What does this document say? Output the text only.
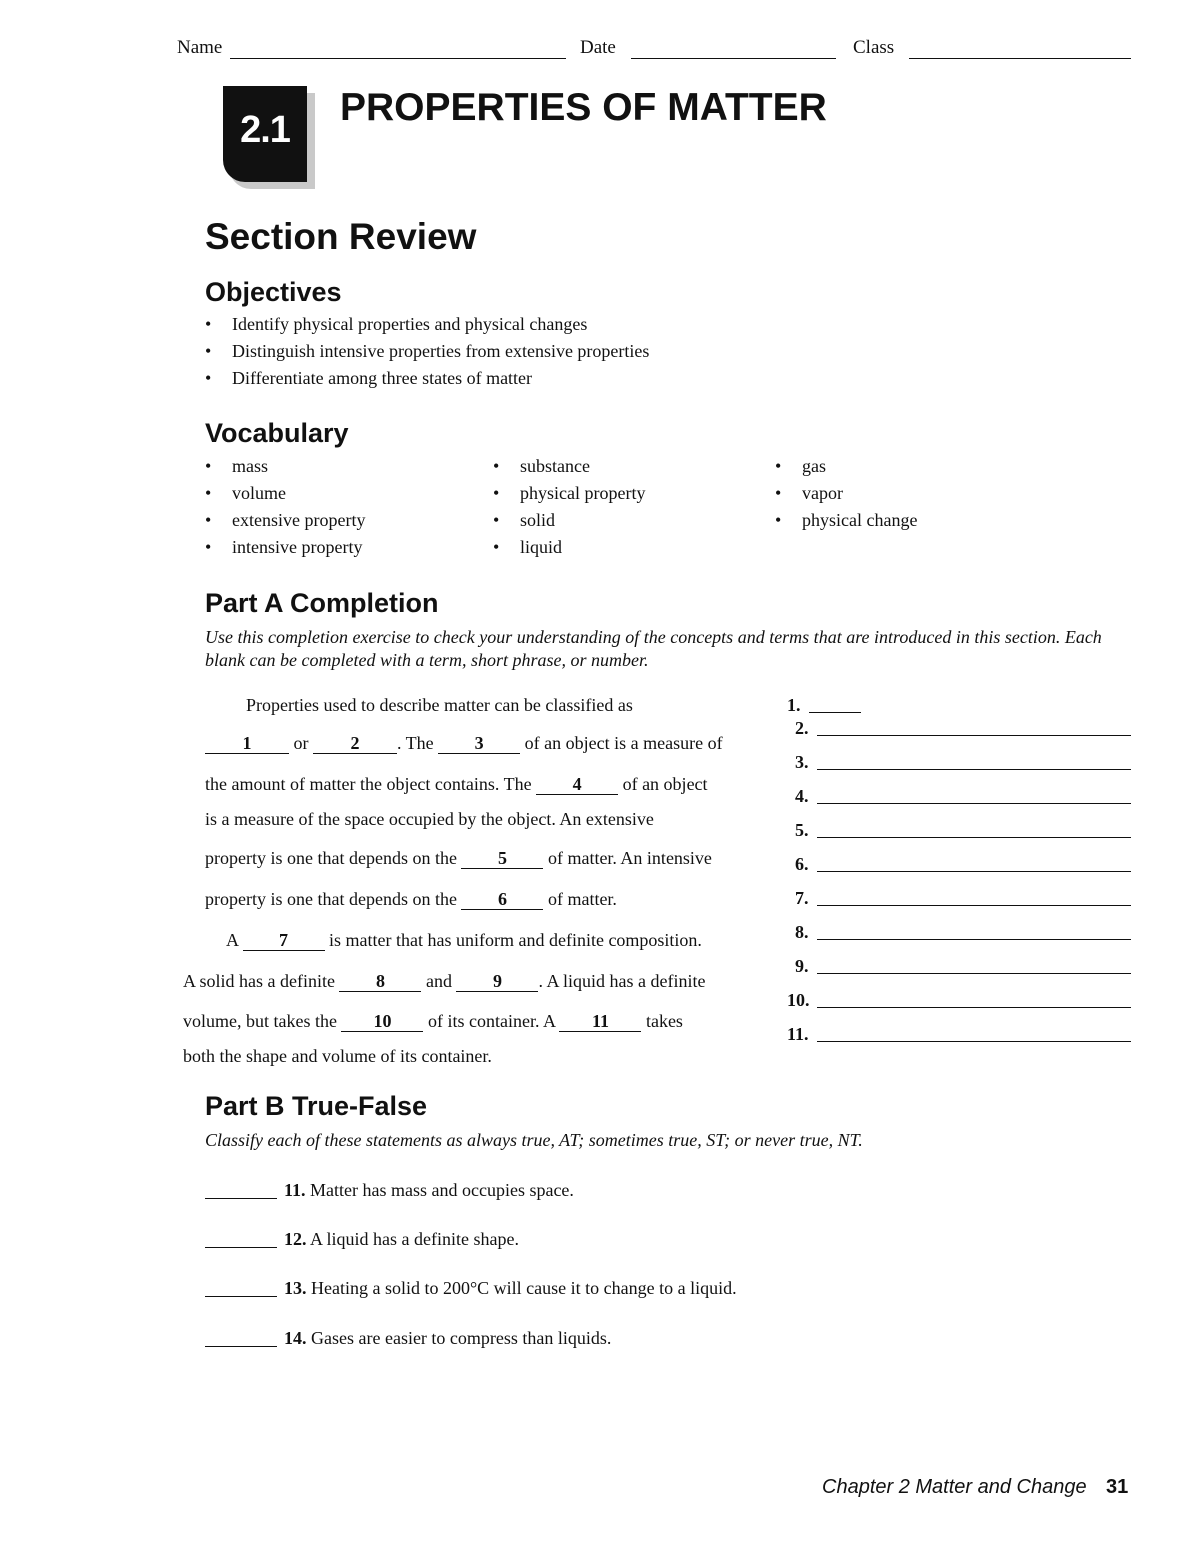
Name	Date	Class
2.1
PROPERTIES OF MATTER
Section Review
Objectives
• Identify physical properties and physical changes
• Distinguish intensive properties from extensive properties
• Differentiate among three states of matter
Vocabulary
• mass
• volume
• extensive property
• intensive property
• substance
• physical property
• solid
• liquid
• gas
• vapor
• physical change
Part A Completion
Use this completion exercise to check your understanding of the concepts and terms that are introduced in this section. Each blank can be completed with a term, short phrase, or number.
Properties used to describe matter can be classified as
1 or 2 . The 3 of an object is a measure of
the amount of matter the object contains. The 4 of an object
is a measure of the space occupied by the object. An extensive
property is one that depends on the 5 of matter. An intensive
property is one that depends on the 6 of matter.
A 7 is matter that has uniform and definite composition.
A solid has a definite 8 and 9 . A liquid has a definite
volume, but takes the 10 of its container. A 11 takes
both the shape and volume of its container.
1.
2.
3.
4.
5.
6.
7.
8.
9.
10.
11.
Part B True-False
Classify each of these statements as always true, AT; sometimes true, ST; or never true, NT.
11. Matter has mass and occupies space.
12. A liquid has a definite shape.
13. Heating a solid to 200°C will cause it to change to a liquid.
14. Gases are easier to compress than liquids.
Chapter 2 Matter and Change 31
